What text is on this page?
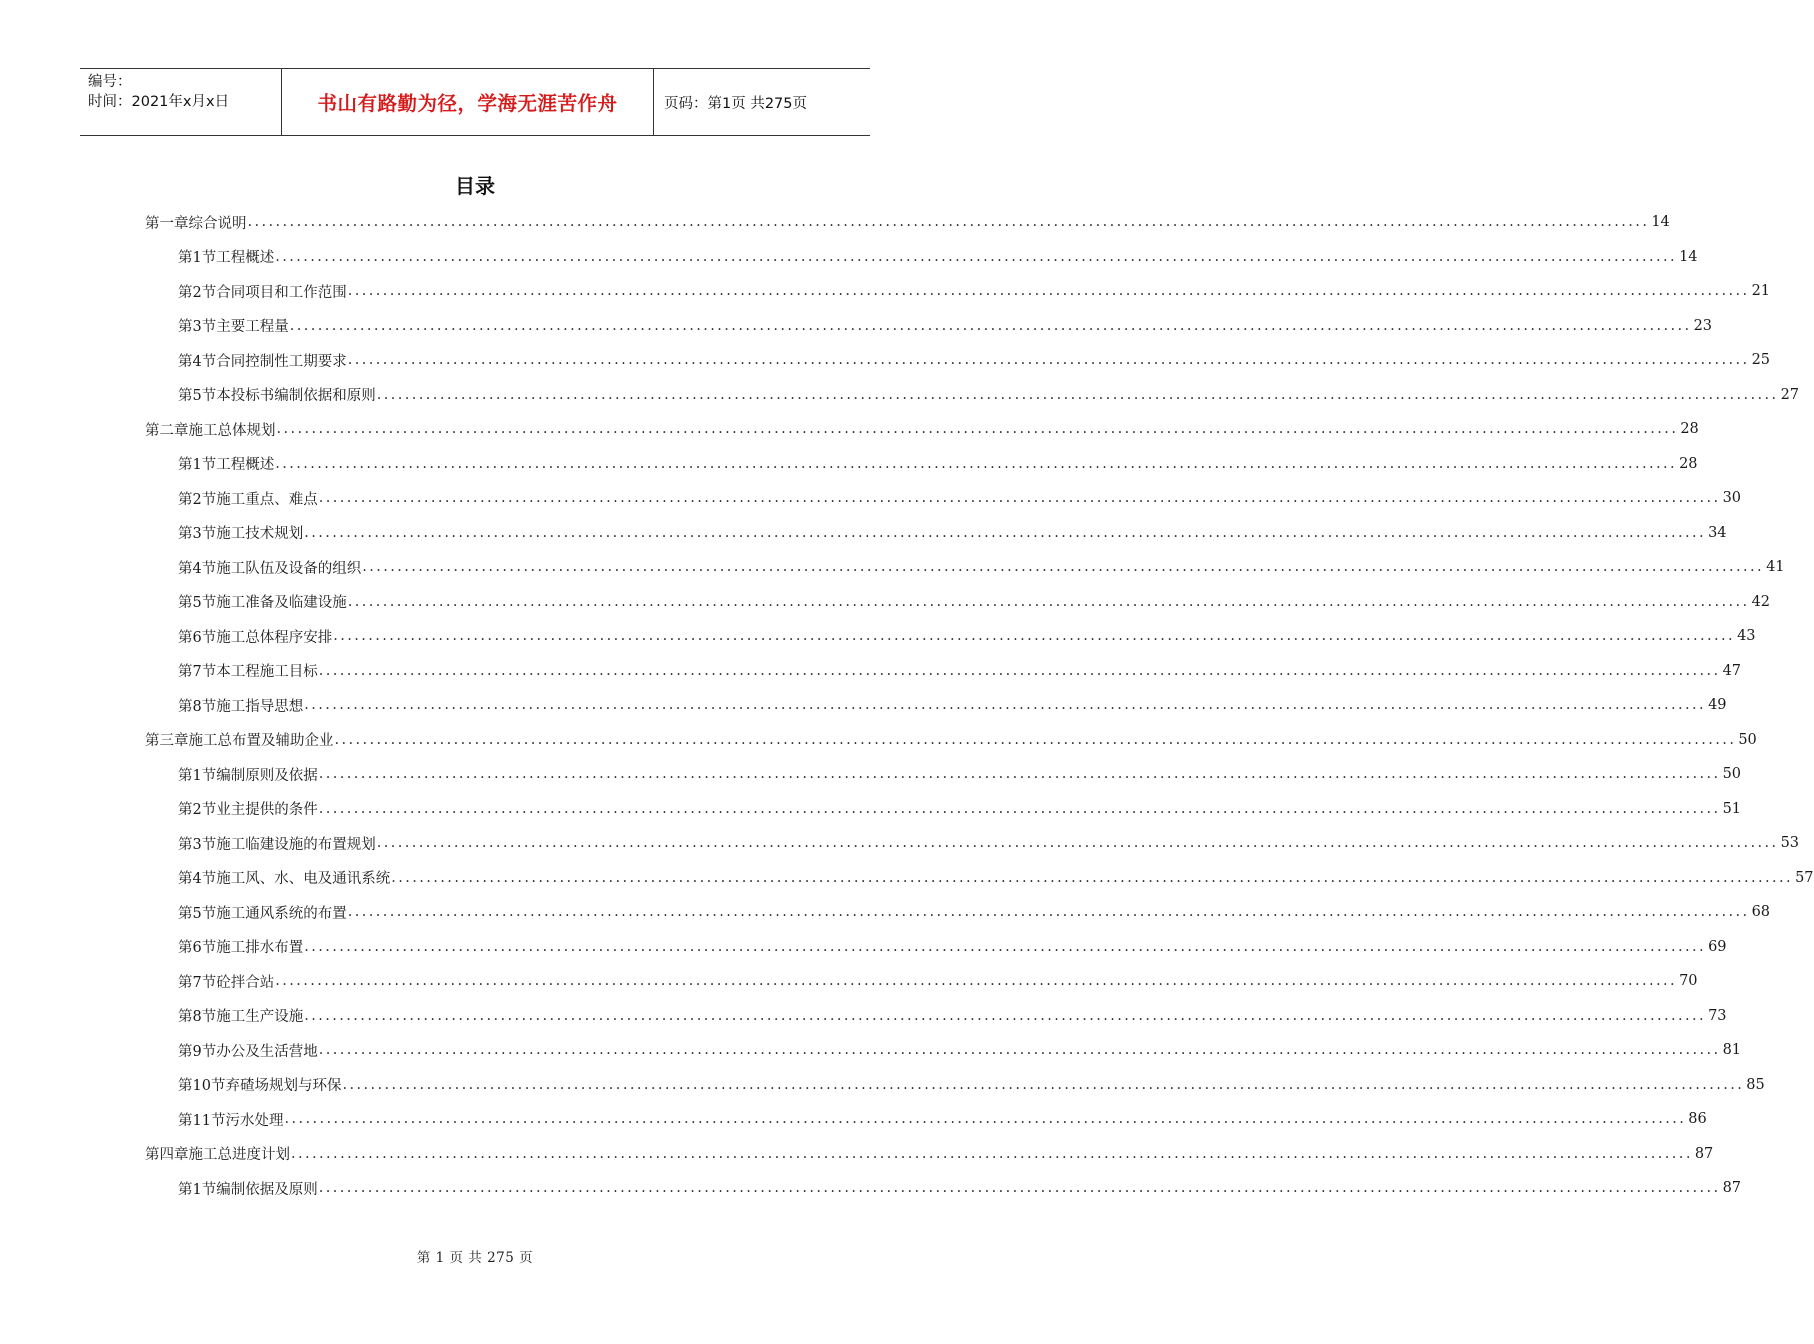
编号：
时间：2021年x月x日	书山有路勤为径，学海无涯苦作舟	页码：第1页 共275页
目录
第一章 综合说明 ........................................................................................................................................................................................................ 14
第1节 工程概述 ........................................................................................................................................................................................................ 14
第2节 合同项目和工作范围 ........................................................................................................................................................................................................ 21
第3节 主要工程量 ........................................................................................................................................................................................................ 23
第4节 合同控制性工期要求 ........................................................................................................................................................................................................ 25
第5节 本投标书编制依据和原则 ........................................................................................................................................................................................................ 27
第二章 施工总体规划 ........................................................................................................................................................................................................ 28
第1节 工程概述 ........................................................................................................................................................................................................ 28
第2节 施工重点、难点 ........................................................................................................................................................................................................ 30
第3节 施工技术规划 ........................................................................................................................................................................................................ 34
第4节 施工队伍及设备的组织 ........................................................................................................................................................................................................ 41
第5节 施工准备及临建设施 ........................................................................................................................................................................................................ 42
第6节 施工总体程序安排 ........................................................................................................................................................................................................ 43
第7节 本工程施工目标 ........................................................................................................................................................................................................ 47
第8节 施工指导思想 ........................................................................................................................................................................................................ 49
第三章 施工总布置及辅助企业 ........................................................................................................................................................................................................ 50
第1节 编制原则及依据 ........................................................................................................................................................................................................ 50
第2节 业主提供的条件 ........................................................................................................................................................................................................ 51
第3节 施工临建设施的布置规划 ........................................................................................................................................................................................................ 53
第4节 施工风、水、电及通讯系统 ........................................................................................................................................................................................................ 57
第5节 施工通风系统的布置 ........................................................................................................................................................................................................ 68
第6节 施工排水布置 ........................................................................................................................................................................................................ 69
第7节 砼拌合站 ........................................................................................................................................................................................................ 70
第8节 施工生产设施 ........................................................................................................................................................................................................ 73
第9节 办公及生活营地 ........................................................................................................................................................................................................ 81
第10节 弃碴场规划与环保 ........................................................................................................................................................................................................ 85
第11节 污水处理 ........................................................................................................................................................................................................ 86
第四章 施工总进度计划 ........................................................................................................................................................................................................ 87
第1节 编制依据及原则 ........................................................................................................................................................................................................ 87
第 1 页 共 275 页
